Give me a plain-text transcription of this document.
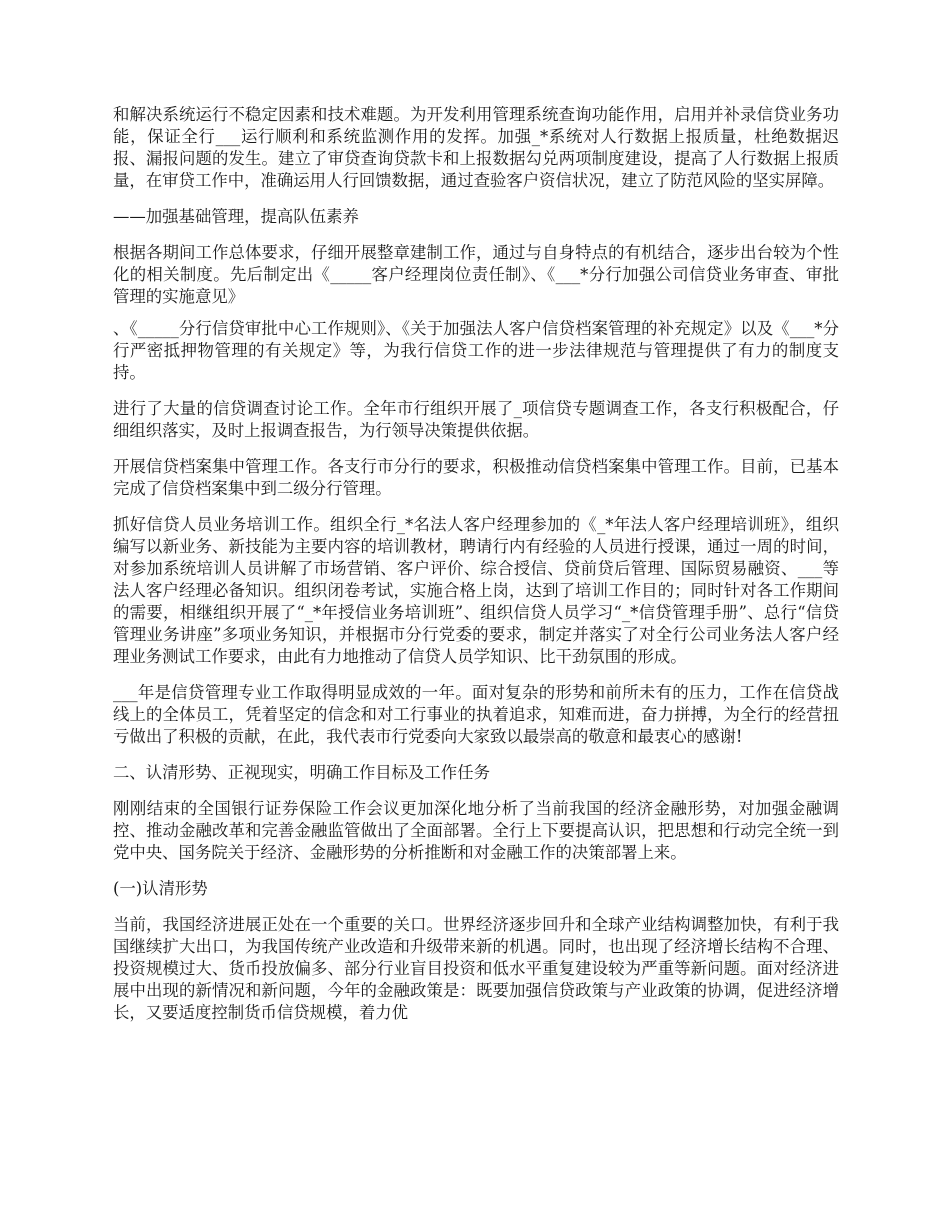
和解决系统运行不稳定因素和技术难题。为开发利用管理系统查询功能作用，启用并补录信贷业务功能，保证全行___运行顺利和系统监测作用的发挥。加强_*系统对人行数据上报质量，杜绝数据迟报、漏报问题的发生。建立了审贷查询贷款卡和上报数据勾兑两项制度建设，提高了人行数据上报质量，在审贷工作中，准确运用人行回馈数据，通过查验客户资信状况，建立了防范风险的坚实屏障。

——加强基础管理，提高队伍素养

根据各期间工作总体要求，仔细开展整章建制工作，通过与自身特点的有机结合，逐步出台较为个性化的相关制度。先后制定出《_____客户经理岗位责任制》、《___*分行加强公司信贷业务审查、审批管理的实施意见》

、《_____分行信贷审批中心工作规则》、《关于加强法人客户信贷档案管理的补充规定》以及《___*分行严密抵押物管理的有关规定》等，为我行信贷工作的进一步法律规范与管理提供了有力的制度支持。

进行了大量的信贷调查讨论工作。全年市行组织开展了_项信贷专题调查工作，各支行积极配合，仔细组织落实，及时上报调查报告，为行领导决策提供依据。

开展信贷档案集中管理工作。各支行市分行的要求，积极推动信贷档案集中管理工作。目前，已基本完成了信贷档案集中到二级分行管理。

抓好信贷人员业务培训工作。组织全行_*名法人客户经理参加的《_*年法人客户经理培训班》，组织编写以新业务、新技能为主要内容的培训教材，聘请行内有经验的人员进行授课，通过一周的时间，对参加系统培训人员讲解了市场营销、客户评价、综合授信、贷前贷后管理、国际贸易融资、___等法人客户经理必备知识。组织闭卷考试，实施合格上岗，达到了培训工作目的；同时针对各工作期间的需要，相继组织开展了“_*年授信业务培训班”、组织信贷人员学习“_*信贷管理手册”、总行“信贷管理业务讲座”多项业务知识，并根据市分行党委的要求，制定并落实了对全行公司业务法人客户经理业务测试工作要求，由此有力地推动了信贷人员学知识、比干劲氛围的形成。

___年是信贷管理专业工作取得明显成效的一年。面对复杂的形势和前所未有的压力，工作在信贷战线上的全体员工，凭着坚定的信念和对工行事业的执着追求，知难而进，奋力拼搏，为全行的经营扭亏做出了积极的贡献，在此，我代表市行党委向大家致以最崇高的敬意和最衷心的感谢!

二、认清形势、正视现实，明确工作目标及工作任务

刚刚结束的全国银行证券保险工作会议更加深化地分析了当前我国的经济金融形势，对加强金融调控、推动金融改革和完善金融监管做出了全面部署。全行上下要提高认识，把思想和行动完全统一到党中央、国务院关于经济、金融形势的分析推断和对金融工作的决策部署上来。

(一)认清形势

当前，我国经济进展正处在一个重要的关口。世界经济逐步回升和全球产业结构调整加快，有利于我国继续扩大出口，为我国传统产业改造和升级带来新的机遇。同时，也出现了经济增长结构不合理、投资规模过大、货币投放偏多、部分行业盲目投资和低水平重复建设较为严重等新问题。面对经济进展中出现的新情况和新问题，今年的金融政策是：既要加强信贷政策与产业政策的协调，促进经济增长，又要适度控制货币信贷规模，着力优
